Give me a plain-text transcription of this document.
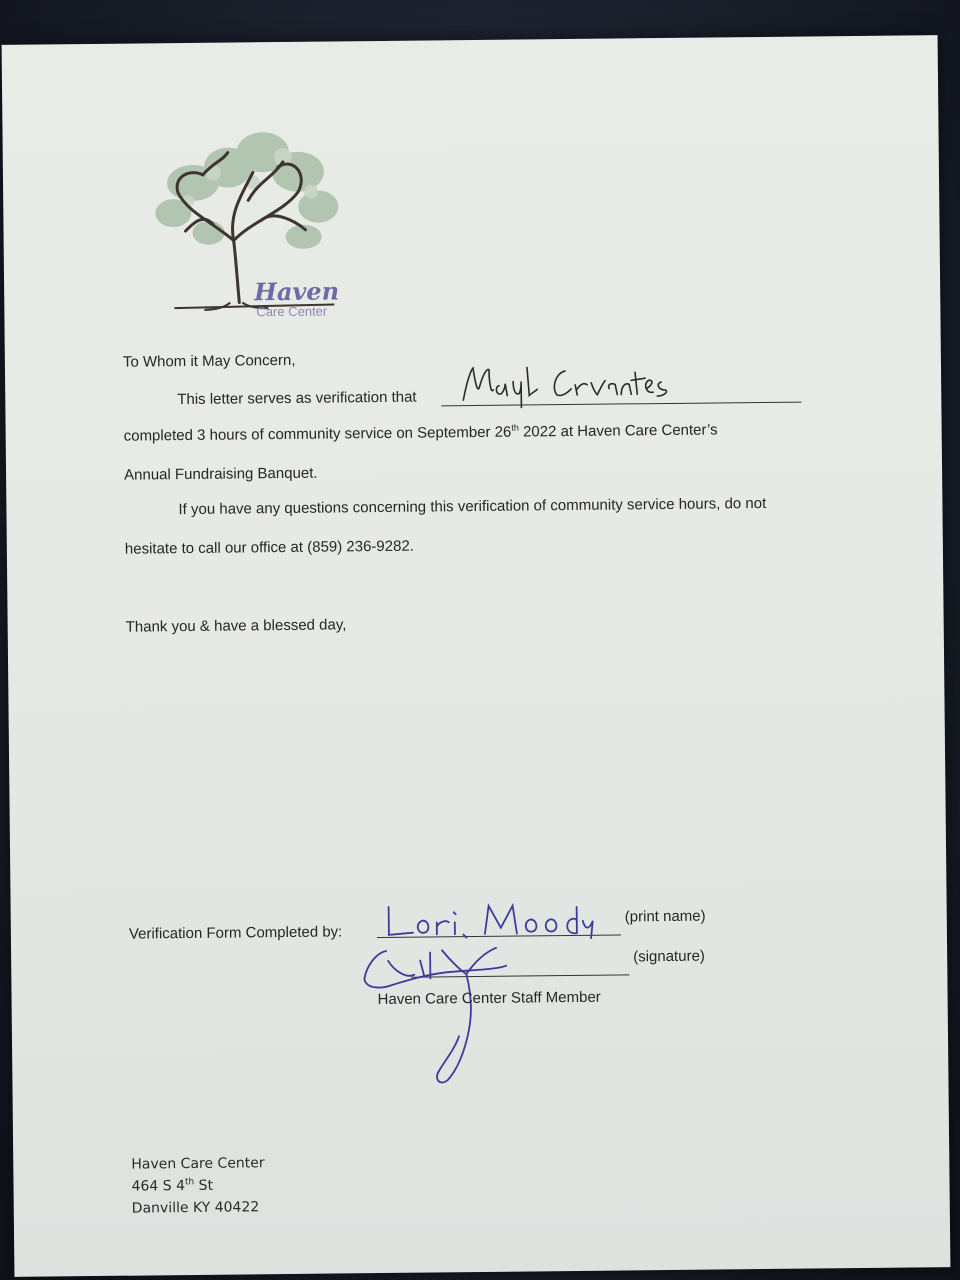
Haven
Care Center
To Whom it May Concern,
This letter serves as verification that
completed 3 hours of community service on September 26th 2022 at Haven Care Center’s
Annual Fundraising Banquet.
If you have any questions concerning this verification of community service hours, do not
hesitate to call our office at (859) 236-9282.
Thank you & have a blessed day,
Verification Form Completed by:
(print name)
(signature)
Haven Care Center Staff Member
Haven Care Center
464 S 4th St
Danville KY 40422
